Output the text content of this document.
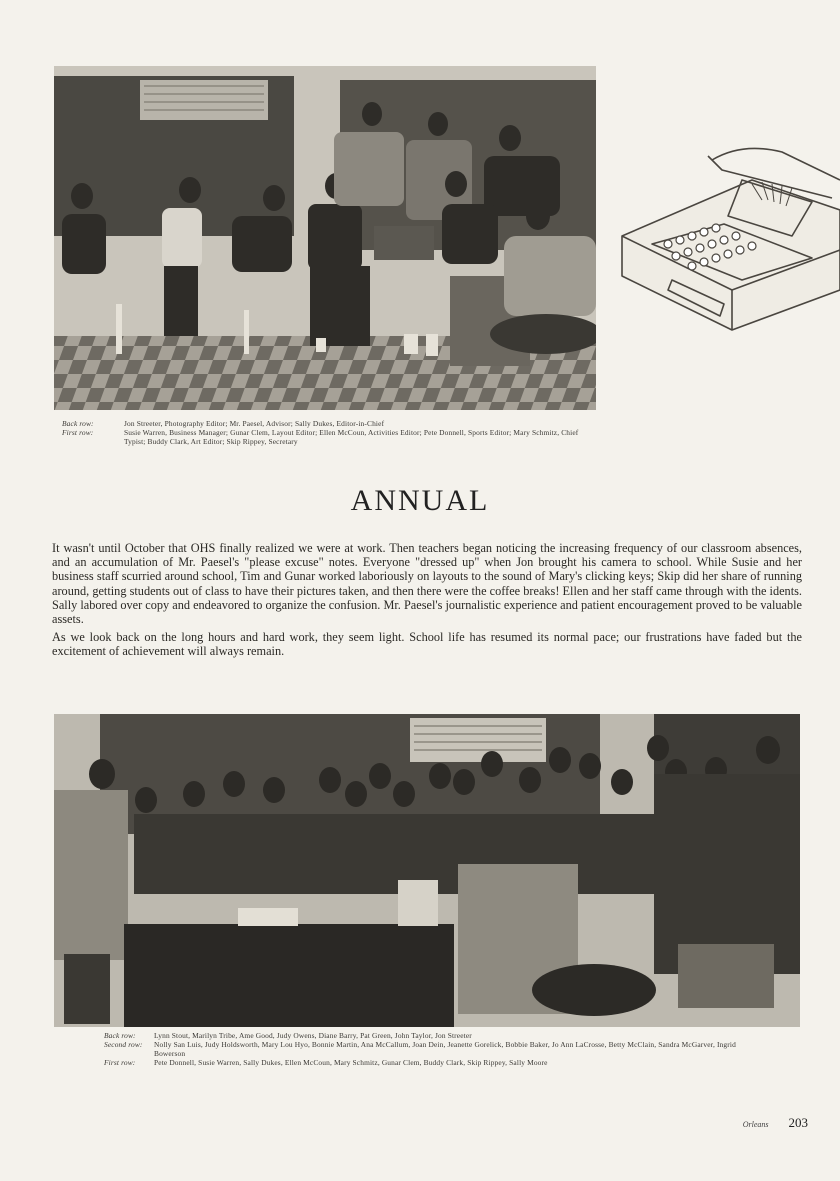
Back row:	Jon Streeter, Photography Editor; Mr. Paesel, Advisor; Sally Dukes, Editor-in-Chief
First row:	Susie Warren, Business Manager; Gunar Clem, Layout Editor; Ellen McCoun, Activities Editor; Pete Donnell, Sports Editor; Mary Schmitz, Chief Typist; Buddy Clark, Art Editor; Skip Rippey, Secretary
ANNUAL

It wasn't until October that OHS finally realized we were at work. Then teachers began noticing the increasing frequency of our classroom absences, and an accumulation of Mr. Paesel's "please excuse" notes. Everyone "dressed up" when Jon brought his camera to school. While Susie and her business staff scurried around school, Tim and Gunar worked laboriously on layouts to the sound of Mary's clicking keys; Skip did her share of running around, getting students out of class to have their pictures taken, and then there were the coffee breaks! Ellen and her staff came through with the idents. Sally labored over copy and endeavored to organize the confusion. Mr. Paesel's journalistic experience and patient encouragement proved to be valuable assets.

As we look back on the long hours and hard work, they seem light. School life has resumed its normal pace; our frustrations have faded but the excitement of achievement will always remain.

Back row:	Lynn Stout, Marilyn Tribe, Ame Good, Judy Owens, Diane Barry, Pat Green, John Taylor, Jon Streeter
Second row:	Nolly San Luis, Judy Holdsworth, Mary Lou Hyo, Bonnie Martin, Ana McCallum, Joan Dein, Jeanette Gorelick, Bobbie Baker, Jo Ann LaCrosse, Betty McClain, Sandra McGarver, Ingrid Bowerson
First row:	Pete Donnell, Susie Warren, Sally Dukes, Ellen McCoun, Mary Schmitz, Gunar Clem, Buddy Clark, Skip Rippey, Sally Moore
Orleans 203
